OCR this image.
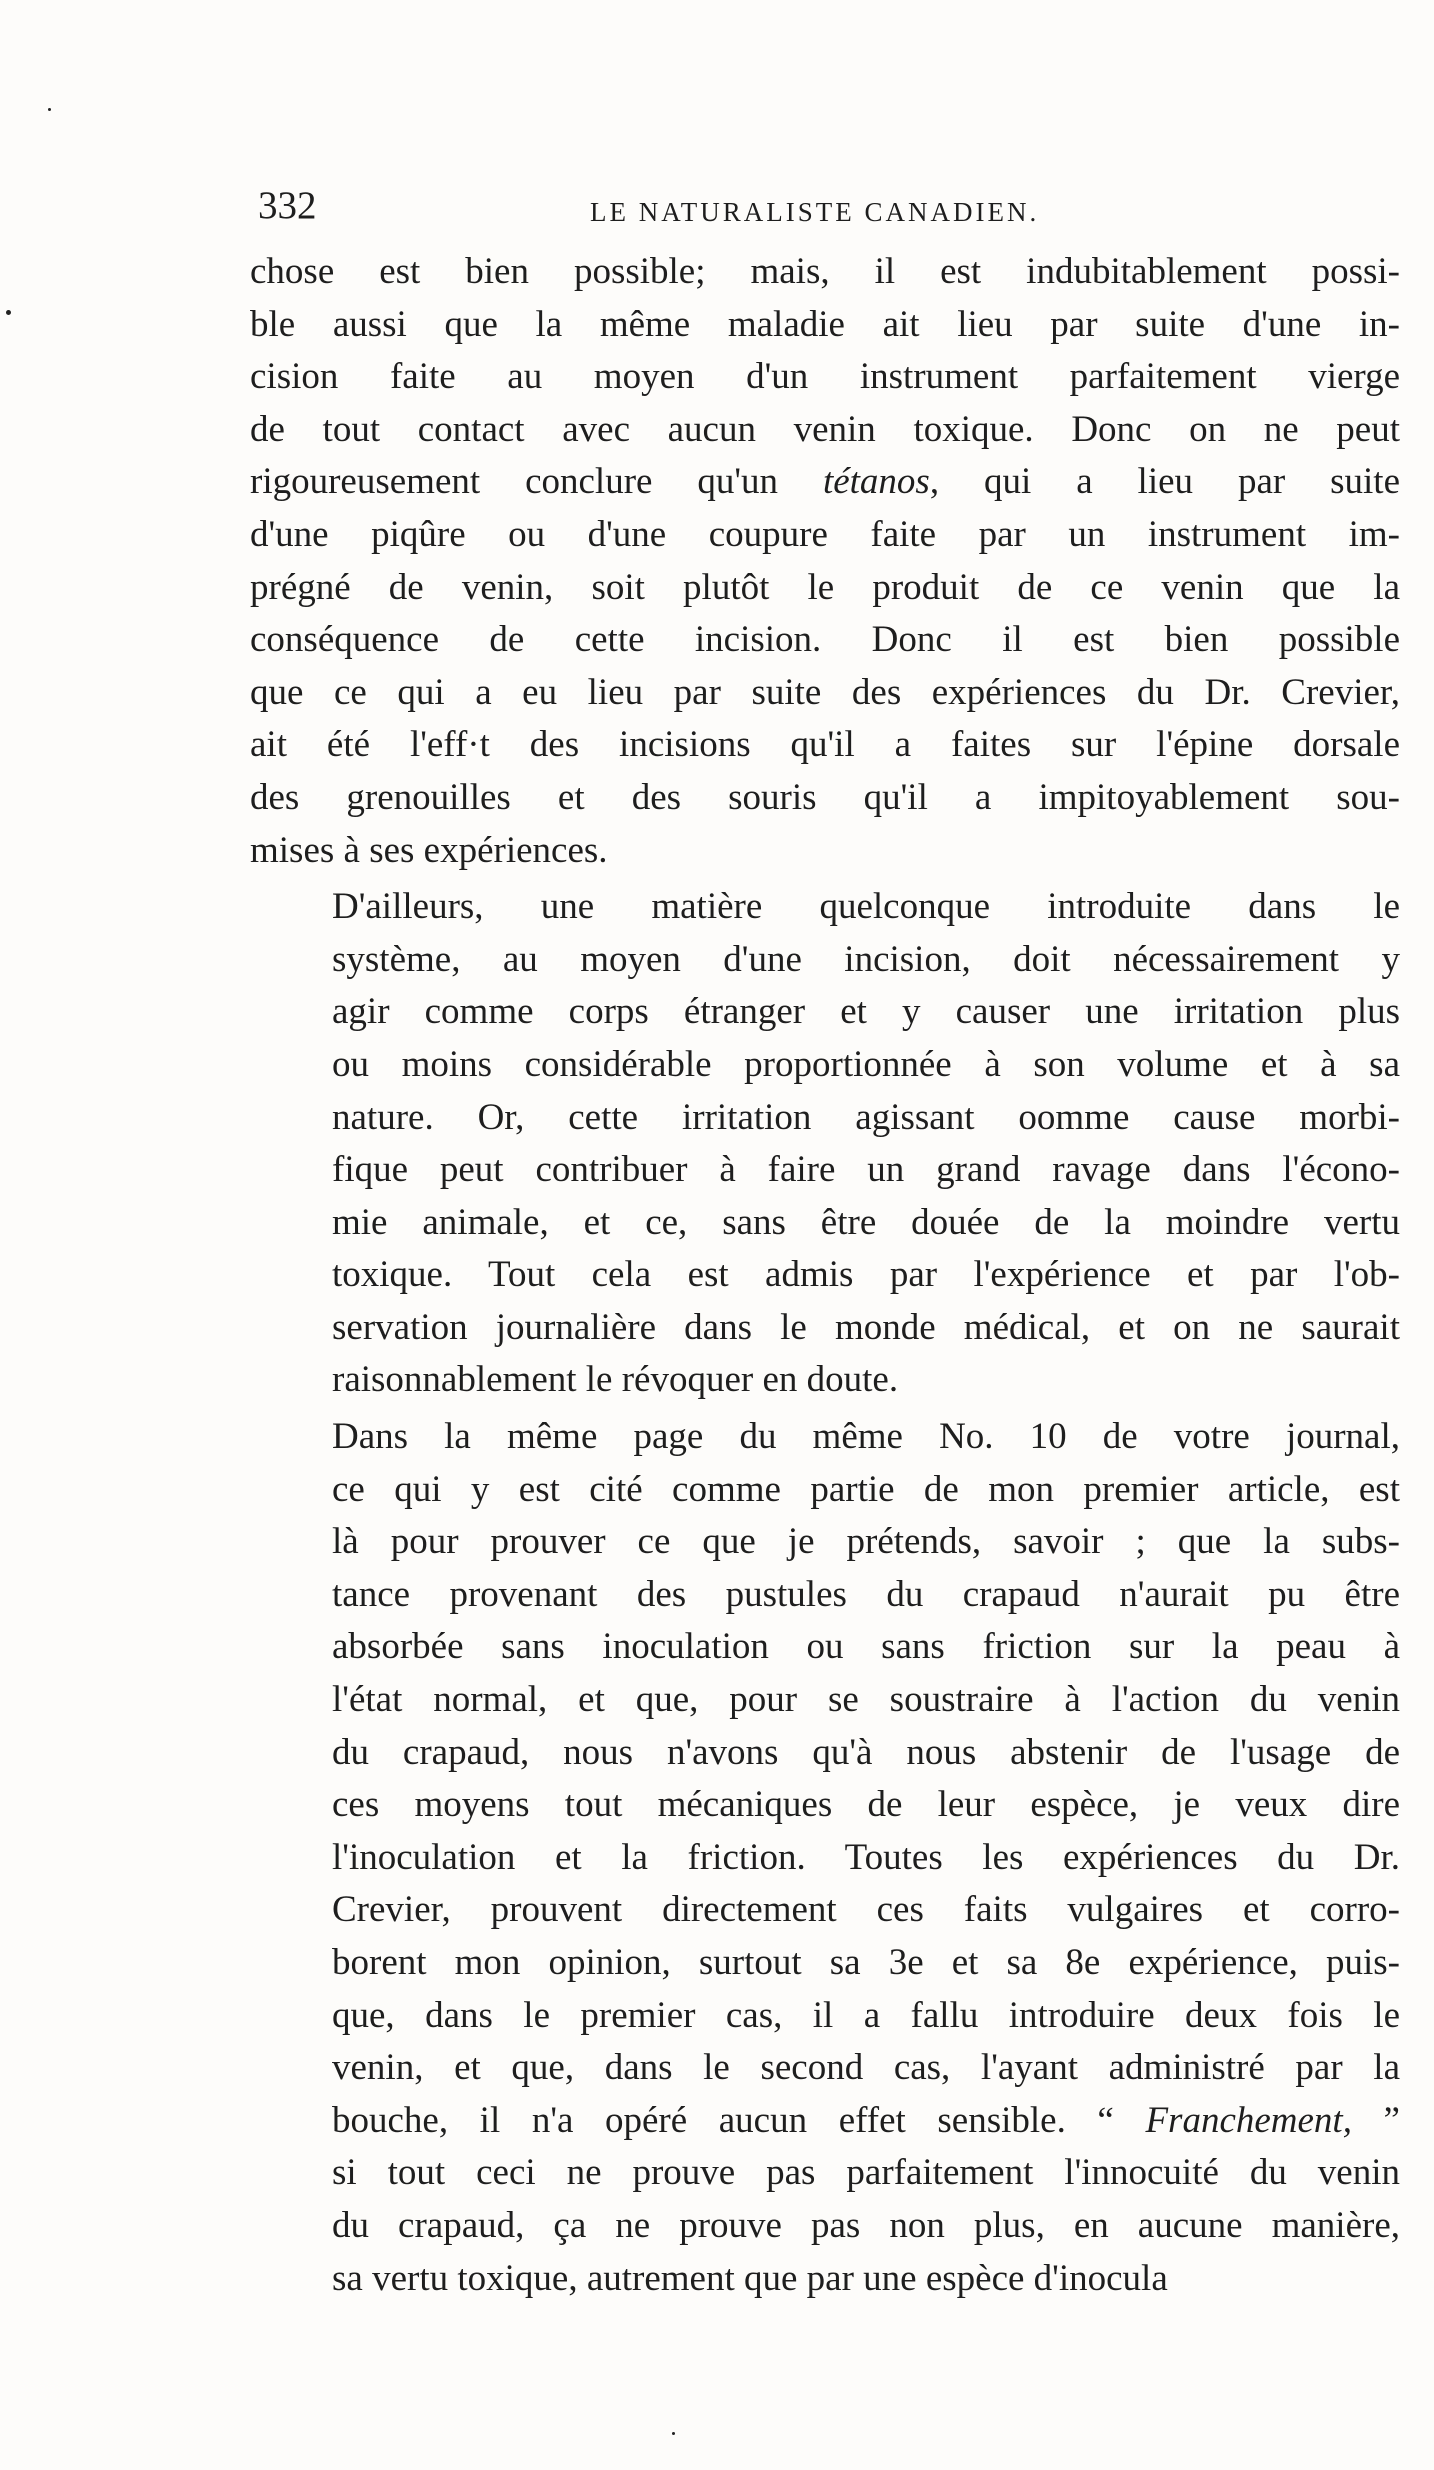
332	LE NATURALISTE CANADIEN.

chose est bien possible; mais, il est indubitablement possi-
ble aussi que la même maladie ait lieu par suite d'une in-
cision faite au moyen d'un instrument parfaitement vierge
de tout contact avec aucun venin toxique. Donc on ne peut
rigoureusement conclure qu'un tétanos, qui a lieu par suite
d'une piqûre ou d'une coupure faite par un instrument im-
prégné de venin, soit plutôt le produit de ce venin que la
conséquence de cette incision. Donc il est bien possible
que ce qui a eu lieu par suite des expériences du Dr. Crevier,
ait été l'eff·t des incisions qu'il a faites sur l'épine dorsale
des grenouilles et des souris qu'il a impitoyablement sou-
mises à ses expériences.

D'ailleurs, une matière quelconque introduite dans le
système, au moyen d'une incision, doit nécessairement y
agir comme corps étranger et y causer une irritation plus
ou moins considérable proportionnée à son volume et à sa
nature. Or, cette irritation agissant oomme cause morbi-
fique peut contribuer à faire un grand ravage dans l'écono-
mie animale, et ce, sans être douée de la moindre vertu
toxique. Tout cela est admis par l'expérience et par l'ob-
servation journalière dans le monde médical, et on ne saurait
raisonnablement le révoquer en doute.

Dans la même page du même No. 10 de votre journal,
ce qui y est cité comme partie de mon premier article, est
là pour prouver ce que je prétends, savoir ; que la subs-
tance provenant des pustules du crapaud n'aurait pu être
absorbée sans inoculation ou sans friction sur la peau à
l'état normal, et que, pour se soustraire à l'action du venin
du crapaud, nous n'avons qu'à nous abstenir de l'usage de
ces moyens tout mécaniques de leur espèce, je veux dire
l'inoculation et la friction. Toutes les expériences du Dr.
Crevier, prouvent directement ces faits vulgaires et corro-
borent mon opinion, surtout sa 3e et sa 8e expérience, puis-
que, dans le premier cas, il a fallu introduire deux fois le
venin, et que, dans le second cas, l'ayant administré par la
bouche, il n'a opéré aucun effet sensible. “ Franchement, ”
si tout ceci ne prouve pas parfaitement l'innocuité du venin
du crapaud, ça ne prouve pas non plus, en aucune manière,
sa vertu toxique, autrement que par une espèce d'inocula
